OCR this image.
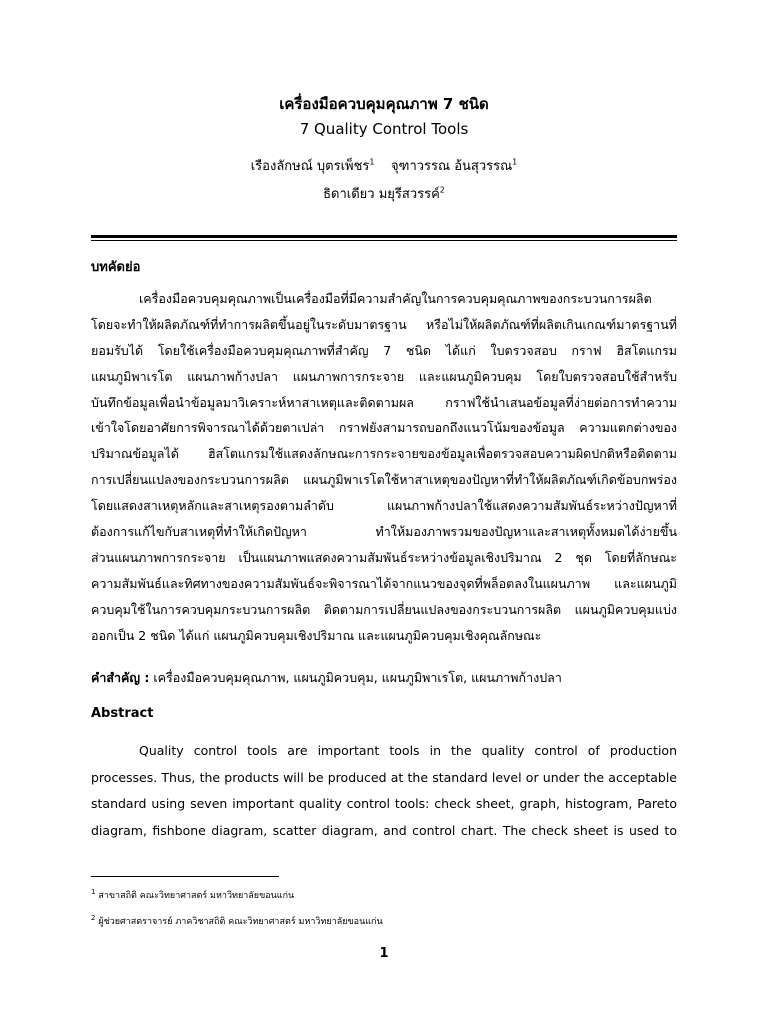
เครื่องมือควบคุมคุณภาพ 7 ชนิด
7 Quality Control Tools
เรืองลักษณ์ บุตรเพ็ชร$^1$ จุฑาวรรณ อ้นสุวรรณ$^1$
ธิดาเดียว มยุรีสวรรค์$^2$
บทคัดย่อ
เครื่องมือควบคุมคุณภาพเป็นเครื่องมือที่มีความสำคัญในการควบคุมคุณภาพของกระบวนการผลิต
โดยจะทำให้ผลิตภัณฑ์ที่ทำการผลิตขึ้นอยู่ในระดับมาตรฐาน หรือไม่ให้ผลิตภัณฑ์ที่ผลิตเกินเกณฑ์มาตรฐานที่
ยอมรับได้ โดยใช้เครื่องมือควบคุมคุณภาพที่สำคัญ 7 ชนิด ได้แก่ ใบตรวจสอบ กราฟ ฮิสโตแกรม
แผนภูมิพาเรโต แผนภาพก้างปลา แผนภาพการกระจาย และแผนภูมิควบคุม โดยใบตรวจสอบใช้สำหรับ
บันทึกข้อมูลเพื่อนำข้อมูลมาวิเคราะห์หาสาเหตุและติดตามผล กราฟใช้นำเสนอข้อมูลที่ง่ายต่อการทำความ
เข้าใจโดยอาศัยการพิจารณาได้ด้วยตาเปล่า กราฟยังสามารถบอกถึงแนวโน้มของข้อมูล ความแตกต่างของ
ปริมาณข้อมูลได้ ฮิสโตแกรมใช้แสดงลักษณะการกระจายของข้อมูลเพื่อตรวจสอบความผิดปกติหรือติดตาม
การเปลี่ยนแปลงของกระบวนการผลิต แผนภูมิพาเรโตใช้หาสาเหตุของปัญหาที่ทำให้ผลิตภัณฑ์เกิดข้อบกพร่อง
โดยแสดงสาเหตุหลักและสาเหตุรองตามลำดับ แผนภาพก้างปลาใช้แสดงความสัมพันธ์ระหว่างปัญหาที่
ต้องการแก้ไขกับสาเหตุที่ทำให้เกิดปัญหา ทำให้มองภาพรวมของปัญหาและสาเหตุทั้งหมดได้ง่ายขึ้น
ส่วนแผนภาพการกระจาย เป็นแผนภาพแสดงความสัมพันธ์ระหว่างข้อมูลเชิงปริมาณ 2 ชุด โดยที่ลักษณะ
ความสัมพันธ์และทิศทางของความสัมพันธ์จะพิจารณาได้จากแนวของจุดที่พล็อตลงในแผนภาพ และแผนภูมิ
ควบคุมใช้ในการควบคุมกระบวนการผลิต ติดตามการเปลี่ยนแปลงของกระบวนการผลิต แผนภูมิควบคุมแบ่ง
ออกเป็น 2 ชนิด ได้แก่ แผนภูมิควบคุมเชิงปริมาณ และแผนภูมิควบคุมเชิงคุณลักษณะ
คำสำคัญ : เครื่องมือควบคุมคุณภาพ, แผนภูมิควบคุม, แผนภูมิพาเรโต, แผนภาพก้างปลา
Abstract
Quality control tools are important tools in the quality control of production
processes. Thus, the products will be produced at the standard level or under the acceptable
standard using seven important quality control tools: check sheet, graph, histogram, Pareto
diagram, fishbone diagram, scatter diagram, and control chart. The check sheet is used to
$^1$ สาขาสถิติ คณะวิทยาศาสตร์ มหาวิทยาลัยขอนแก่น
$^2$ ผู้ช่วยศาสตราจารย์ ภาควิชาสถิติ คณะวิทยาศาสตร์ มหาวิทยาลัยขอนแก่น
1
